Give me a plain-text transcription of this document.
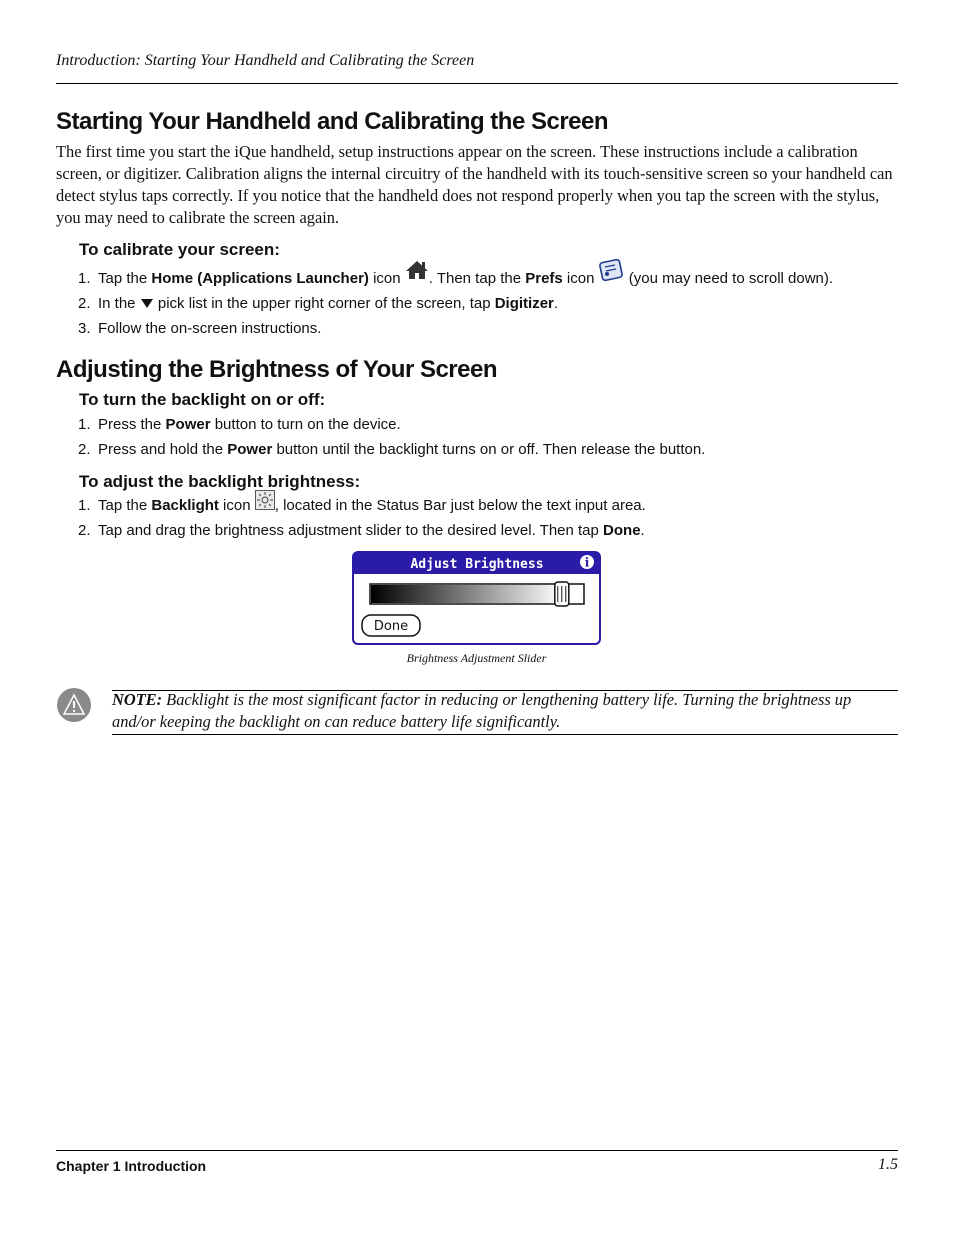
Introduction: Starting Your Handheld and Calibrating the Screen
Starting Your Handheld and Calibrating the Screen
The first time you start the iQue handheld, setup instructions appear on the screen. These instructions include a calibration screen, or digitizer. Calibration aligns the internal circuitry of the handheld with its touch-sensitive screen so your handheld can detect stylus taps correctly. If you notice that the handheld does not respond properly when you tap the screen with the stylus, you may need to calibrate the screen again.
To calibrate your screen:
1. Tap the Home (Applications Launcher) icon . Then tap the Prefs icon  (you may need to scroll down).
2. In the  pick list in the upper right corner of the screen, tap Digitizer.
3. Follow the on-screen instructions.
Adjusting the Brightness of Your Screen
To turn the backlight on or off:
1. Press the Power button to turn on the device.
2. Press and hold the Power button until the backlight turns on or off. Then release the button.
To adjust the backlight brightness:
1. Tap the Backlight icon , located in the Status Bar just below the text input area.
2. Tap and drag the brightness adjustment slider to the desired level. Then tap Done.
Adjust Brightness	i
Done
Brightness Adjustment Slider
NOTE: Backlight is the most significant factor in reducing or lengthening battery life. Turning the brightness up and/or keeping the backlight on can reduce battery life significantly.
Chapter 1 Introduction	1.5
